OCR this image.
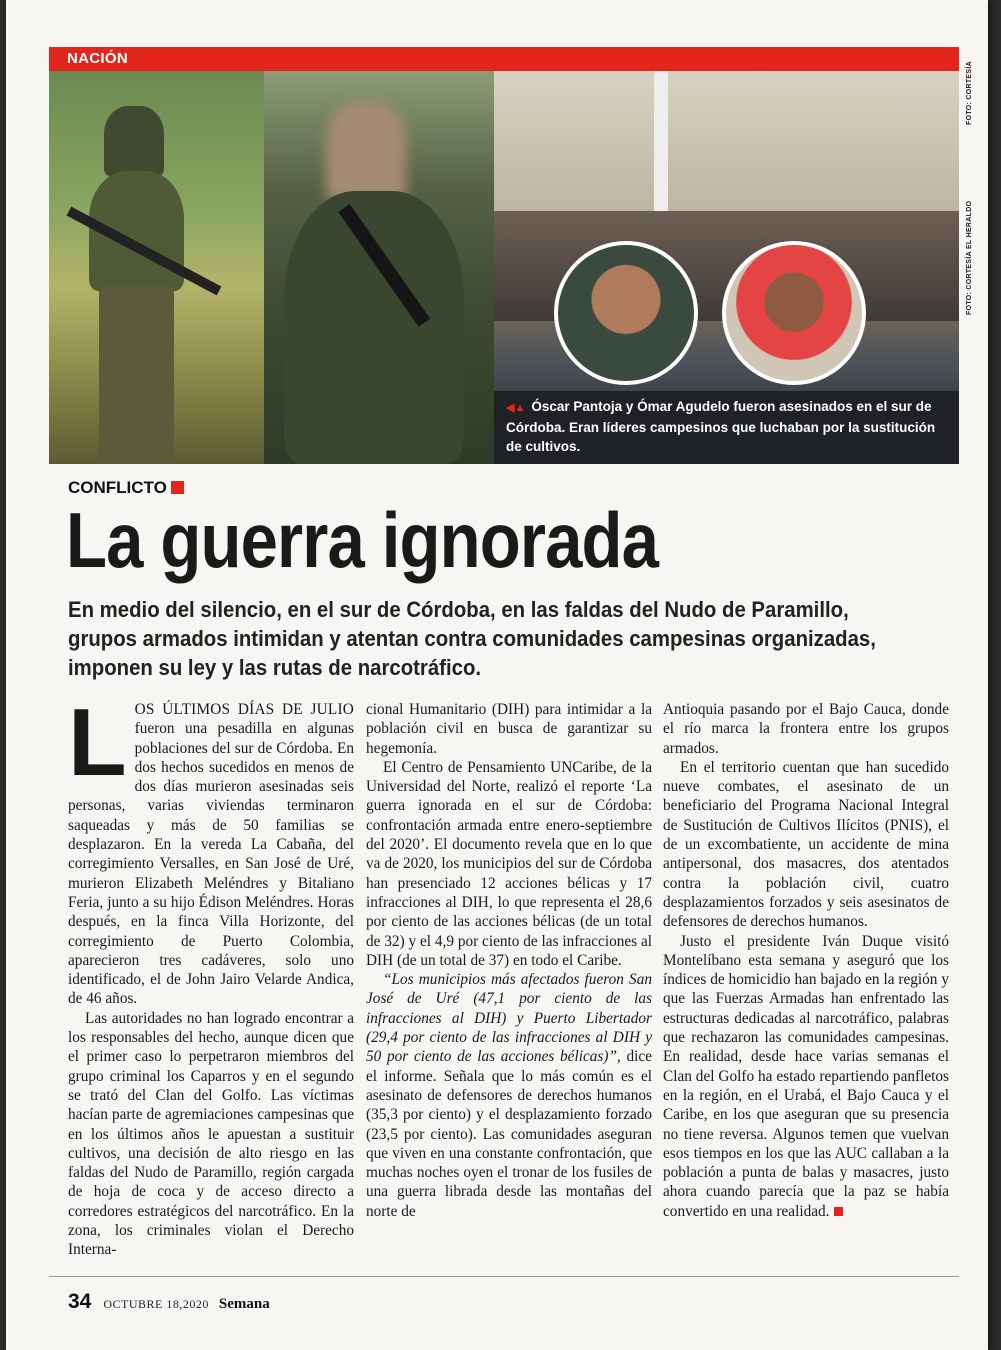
NACIÓN

◀▲ Óscar Pantoja y Ómar Agudelo fueron asesinados en el sur de Córdoba. Eran líderes campesinos que luchaban por la sustitución de cultivos.

FOTO: CORTESÍA
FOTO: CORTESÍA EL HERALDO
CONFLICTO
La guerra ignorada

En medio del silencio, en el sur de Córdoba, en las faldas del Nudo de Paramillo, grupos armados intimidan y atentan contra comunidades campesinas organizadas, imponen su ley y las rutas de narcotráfico.

LOS ÚLTIMOS DÍAS DE JULIO fueron una pesadilla en algunas poblaciones del sur de Córdoba. En dos hechos sucedidos en menos de dos días murieron asesinadas seis personas, varias viviendas terminaron saqueadas y más de 50 familias se desplazaron. En la vereda La Cabaña, del corregimiento Versalles, en San José de Uré, murieron Elizabeth Meléndres y Bitaliano Feria, junto a su hijo Édison Meléndres. Horas después, en la finca Villa Horizonte, del corregimiento de Puerto Colombia, aparecieron tres cadáveres, solo uno identificado, el de John Jairo Velarde Andica, de 46 años.

Las autoridades no han logrado encontrar a los responsables del hecho, aunque dicen que el primer caso lo perpetraron miembros del grupo criminal los Caparros y en el segundo se trató del Clan del Golfo. Las víctimas hacían parte de agremiaciones campesinas que en los últimos años le apuestan a sustituir cultivos, una decisión de alto riesgo en las faldas del Nudo de Paramillo, región cargada de hoja de coca y de acceso directo a corredores estratégicos del narcotráfico. En la zona, los criminales violan el Derecho Interna-

cional Humanitario (DIH) para intimidar a la población civil en busca de garantizar su hegemonía.

El Centro de Pensamiento UNCaribe, de la Universidad del Norte, realizó el reporte ‘La guerra ignorada en el sur de Córdoba: confrontación armada entre enero-septiembre del 2020’. El documento revela que en lo que va de 2020, los municipios del sur de Córdoba han presenciado 12 acciones bélicas y 17 infracciones al DIH, lo que representa el 28,6 por ciento de las acciones bélicas (de un total de 32) y el 4,9 por ciento de las infracciones al DIH (de un total de 37) en todo el Caribe.

“Los municipios más afectados fueron San José de Uré (47,1 por ciento de las infracciones al DIH) y Puerto Libertador (29,4 por ciento de las infracciones al DIH y 50 por ciento de las acciones bélicas)”, dice el informe. Señala que lo más común es el asesinato de defensores de derechos humanos (35,3 por ciento) y el desplazamiento forzado (23,5 por ciento). Las comunidades aseguran que viven en una constante confrontación, que muchas noches oyen el tronar de los fusiles de una guerra librada desde las montañas del norte de

Antioquia pasando por el Bajo Cauca, donde el río marca la frontera entre los grupos armados.

En el territorio cuentan que han sucedido nueve combates, el asesinato de un beneficiario del Programa Nacional Integral de Sustitución de Cultivos Ilícitos (PNIS), el de un excombatiente, un accidente de mina antipersonal, dos masacres, dos atentados contra la población civil, cuatro desplazamientos forzados y seis asesinatos de defensores de derechos humanos.

Justo el presidente Iván Duque visitó Montelíbano esta semana y aseguró que los índices de homicidio han bajado en la región y que las Fuerzas Armadas han enfrentado las estructuras dedicadas al narcotráfico, palabras que rechazaron las comunidades campesinas. En realidad, desde hace varias semanas el Clan del Golfo ha estado repartiendo panfletos en la región, en el Urabá, el Bajo Cauca y el Caribe, en los que aseguran que su presencia no tiene reversa. Algunos temen que vuelvan esos tiempos en los que las AUC callaban a la población a punta de balas y masacres, justo ahora cuando parecía que la paz se había convertido en una realidad.

34 OCTUBRE 18,2020 Semana
